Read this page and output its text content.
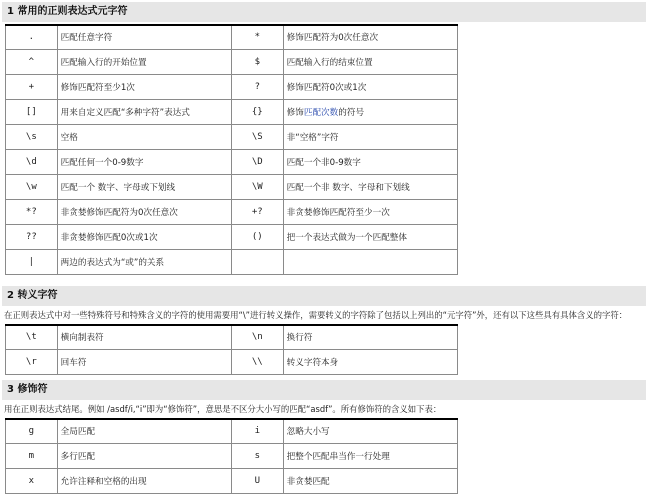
1 常用的正则表达式元字符
.	匹配任意字符	*	修饰匹配符为0次任意次
^	匹配输入行的开始位置	$	匹配输入行的结束位置
+	修饰匹配符至少1次	?	修饰匹配符0次或1次
[]	用来自定义匹配“多种字符”表达式	{}	修饰匹配次数的符号
\s	空格	\S	非“空格”字符
\d	匹配任何一个0-9数字	\D	匹配一个非0-9数字
\w	匹配一个 数字、字母或下划线	\W	匹配一个非 数字、字母和下划线
*?	非贪婪修饰匹配符为0次任意次	+?	非贪婪修饰匹配符至少一次
??	非贪婪修饰匹配0次或1次	()	把一个表达式做为一个匹配整体
|	两边的表达式为“或”的关系		
2 转义字符
在正则表达式中对一些特殊符号和特殊含义的字符的使用需要用“\”进行转义操作，需要转义的字符除了包括以上列出的“元字符”外，还有以下这些具有具体含义的字符：
\t	横向制表符	\n	换行符
\r	回车符	\\	转义字符本身
3 修饰符
用在正则表达式结尾。例如 /asdf/i,“i”即为“修饰符”，意思是不区分大小写的匹配“asdf”。所有修饰符的含义如下表：
g	全局匹配	i	忽略大小写
m	多行匹配	s	把整个匹配串当作一行处理
x	允许注释和空格的出现	U	非贪婪匹配
